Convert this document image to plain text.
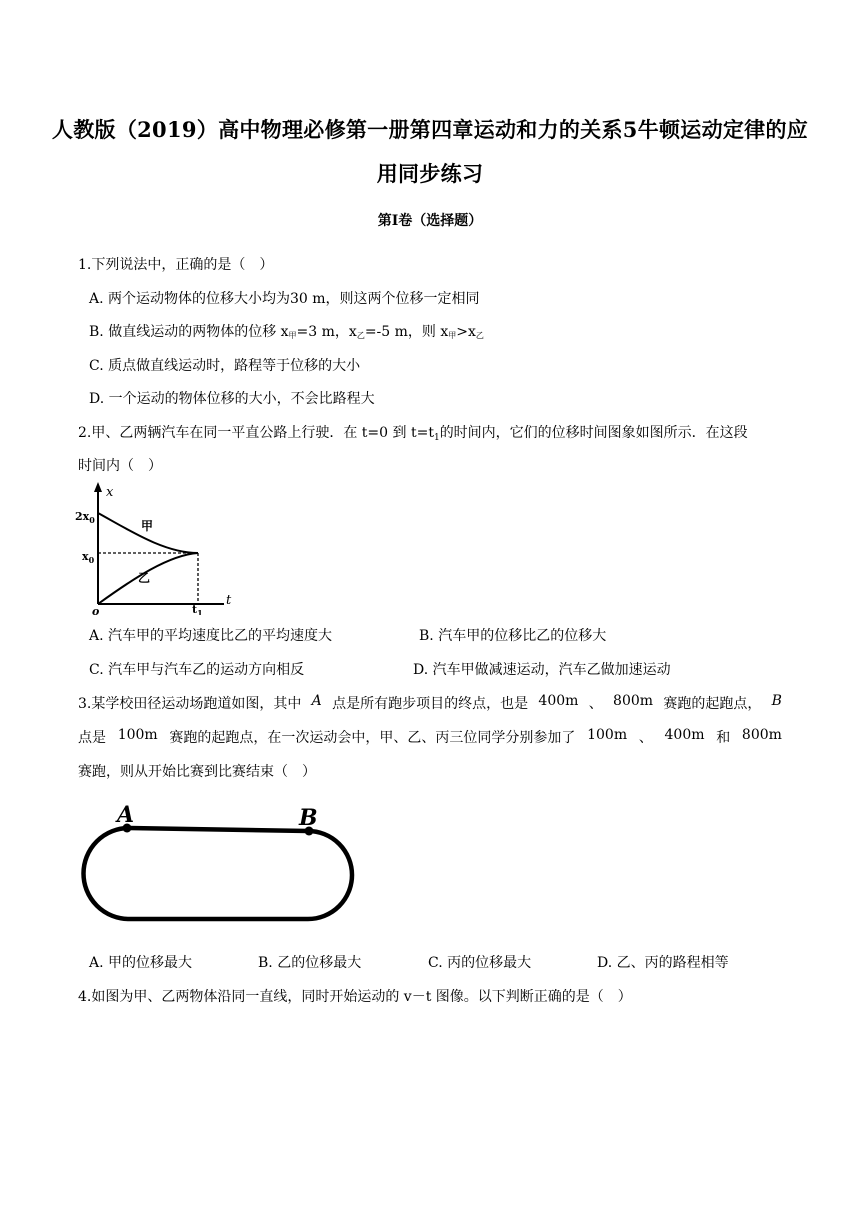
人教版（2019）高中物理必修第一册第四章运动和力的关系5牛顿运动定律的应
用同步练习
第I卷（选择题）
1.下列说法中，正确的是（　）
A. 两个运动物体的位移大小均为30 m，则这两个位移一定相同
B. 做直线运动的两物体的位移 $x_甲=3$ m，$x_乙=-5$ m，则 $x_甲>x_乙$
C. 质点做直线运动时，路程等于位移的大小
D. 一个运动的物体位移的大小，不会比路程大
2.甲、乙两辆汽车在同一平直公路上行驶．在 t=0 到 $t=t_1$的时间内，它们的位移时间图象如图所示．在这段
时间内（　）
x
t
$2x_0$
$x_0$
o	$t_1$
甲
乙
A. 汽车甲的平均速度比乙的平均速度大	B. 汽车甲的位移比乙的位移大
C. 汽车甲与汽车乙的运动方向相反	D. 汽车甲做减速运动，汽车乙做加速运动
3.某学校田径运动场跑道如图，其中 A 点是所有跑步项目的终点，也是 400m 、 800m 赛跑的起跑点， B
点是 100m 赛跑的起跑点，在一次运动会中，甲、乙、丙三位同学分别参加了 100m 、 400m 和 800m
赛跑，则从开始比赛到比赛结束（　）
A	B
A. 甲的位移最大	B. 乙的位移最大	C. 丙的位移最大	D. 乙、丙的路程相等
4.如图为甲、乙两物体沿同一直线，同时开始运动的 v－t 图像。以下判断正确的是（　）
